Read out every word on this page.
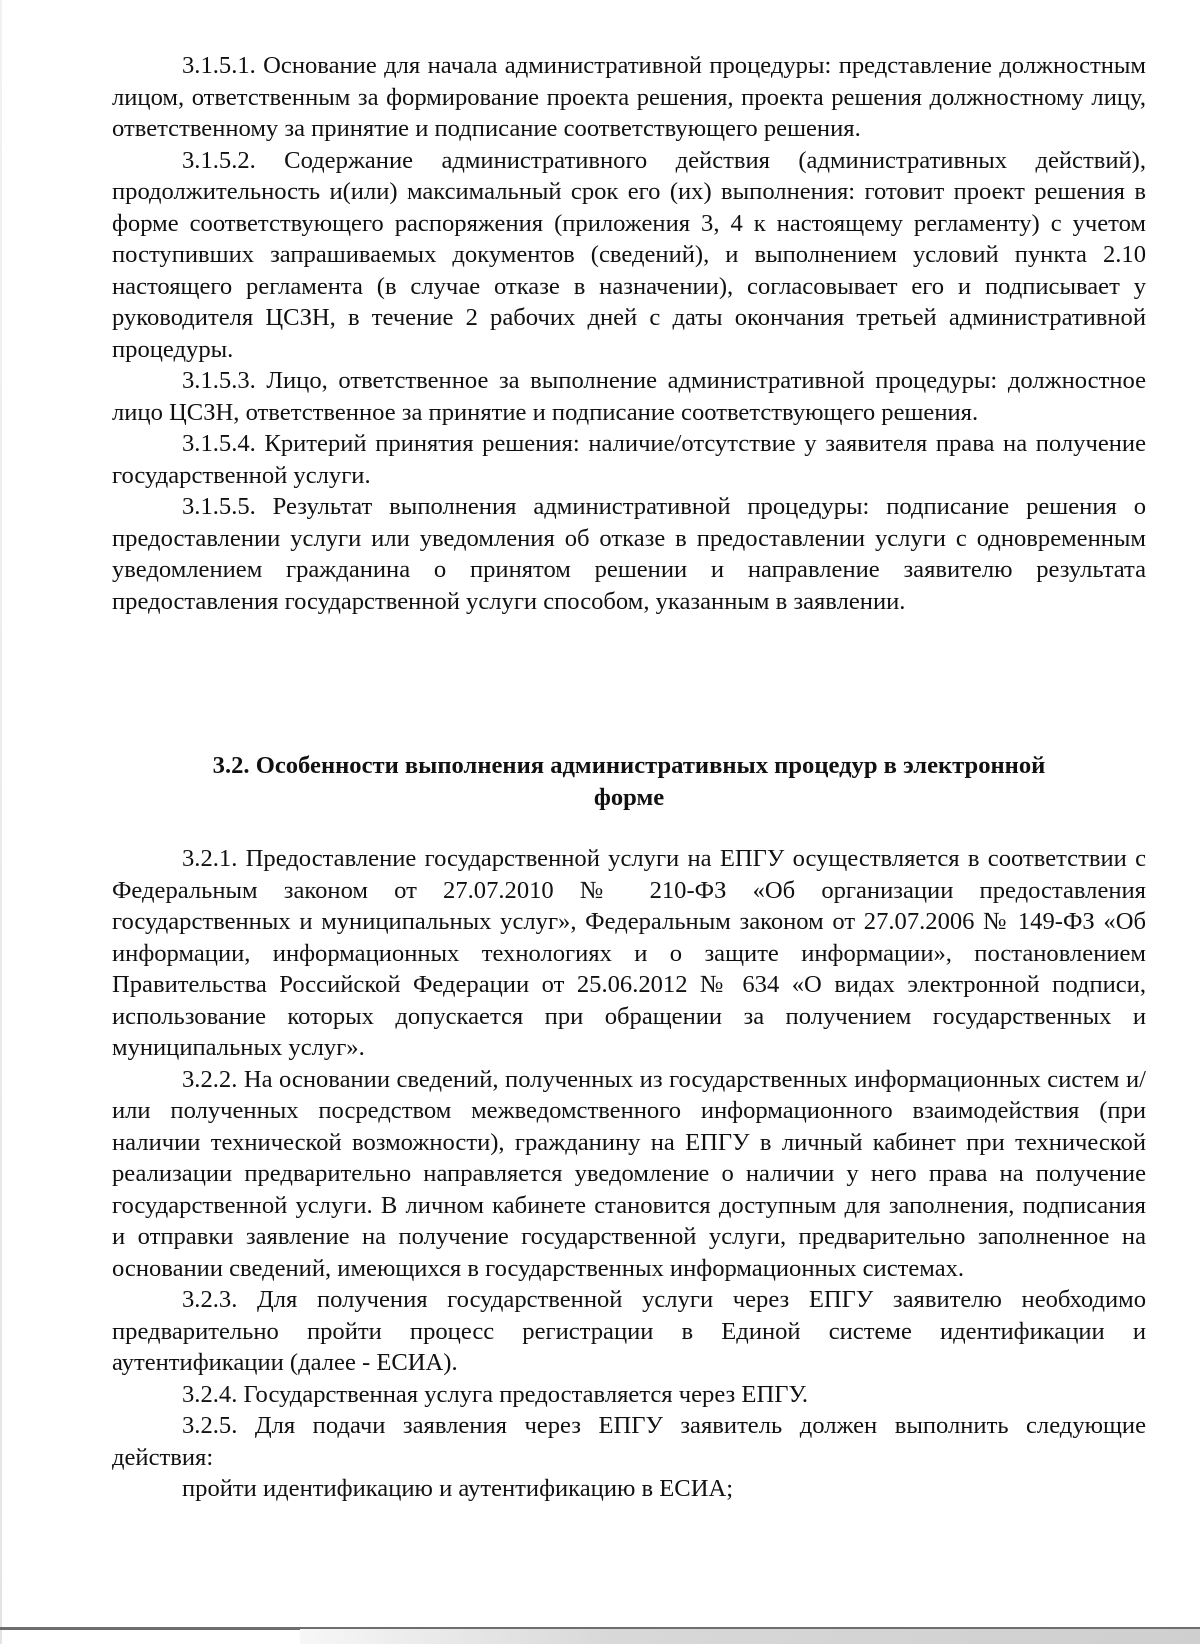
3.1.5.1. Основание для начала административной процедуры: представление должностным лицом, ответственным за формирование проекта решения, проекта решения должностному лицу, ответственному за принятие и подписание соответствующего решения.

3.1.5.2. Содержание административного действия (административных действий), продолжительность и(или) максимальный срок его (их) выполнения: готовит проект решения в форме соответствующего распоряжения (приложения 3, 4 к настоящему регламенту) с учетом поступивших запрашиваемых документов (сведений), и выполнением условий пункта 2.10 настоящего регламента (в случае отказе в назначении), согласовывает его и подписывает у руководителя ЦСЗН, в течение 2 рабочих дней с даты окончания третьей административной процедуры.

3.1.5.3. Лицо, ответственное за выполнение административной процедуры: должностное лицо ЦСЗН, ответственное за принятие и подписание соответствующего решения.

3.1.5.4. Критерий принятия решения: наличие/отсутствие у заявителя права на получение государственной услуги.

3.1.5.5. Результат выполнения административной процедуры: подписание решения о предоставлении услуги или уведомления об отказе в предоставлении услуги с одновременным уведомлением гражданина о принятом решении и направление заявителю результата предоставления государственной услуги способом, указанным в заявлении.

3.2. Особенности выполнения административных процедур в электронной
форме

3.2.1. Предоставление государственной услуги на ЕПГУ осуществляется в соответствии с Федеральным законом от 27.07.2010 № 210-ФЗ «Об организации предоставления государственных и муниципальных услуг», Федеральным законом от 27.07.2006 № 149-ФЗ «Об информации, информационных технологиях и о защите информации», постановлением Правительства Российской Федерации от 25.06.2012 № 634 «О видах электронной подписи, использование которых допускается при обращении за получением государственных и муниципальных услуг».

3.2.2. На основании сведений, полученных из государственных информационных систем и/или полученных посредством межведомственного информационного взаимодействия (при наличии технической возможности), гражданину на ЕПГУ в личный кабинет при технической реализации предварительно направляется уведомление о наличии у него права на получение государственной услуги. В личном кабинете становится доступным для заполнения, подписания и отправки заявление на получение государственной услуги, предварительно заполненное на основании сведений, имеющихся в государственных информационных системах.

3.2.3. Для получения государственной услуги через ЕПГУ заявителю необходимо предварительно пройти процесс регистрации в Единой системе идентификации и аутентификации (далее - ЕСИА).

3.2.4. Государственная услуга предоставляется через ЕПГУ.

3.2.5. Для подачи заявления через ЕПГУ заявитель должен выполнить следующие действия:

пройти идентификацию и аутентификацию в ЕСИА;
